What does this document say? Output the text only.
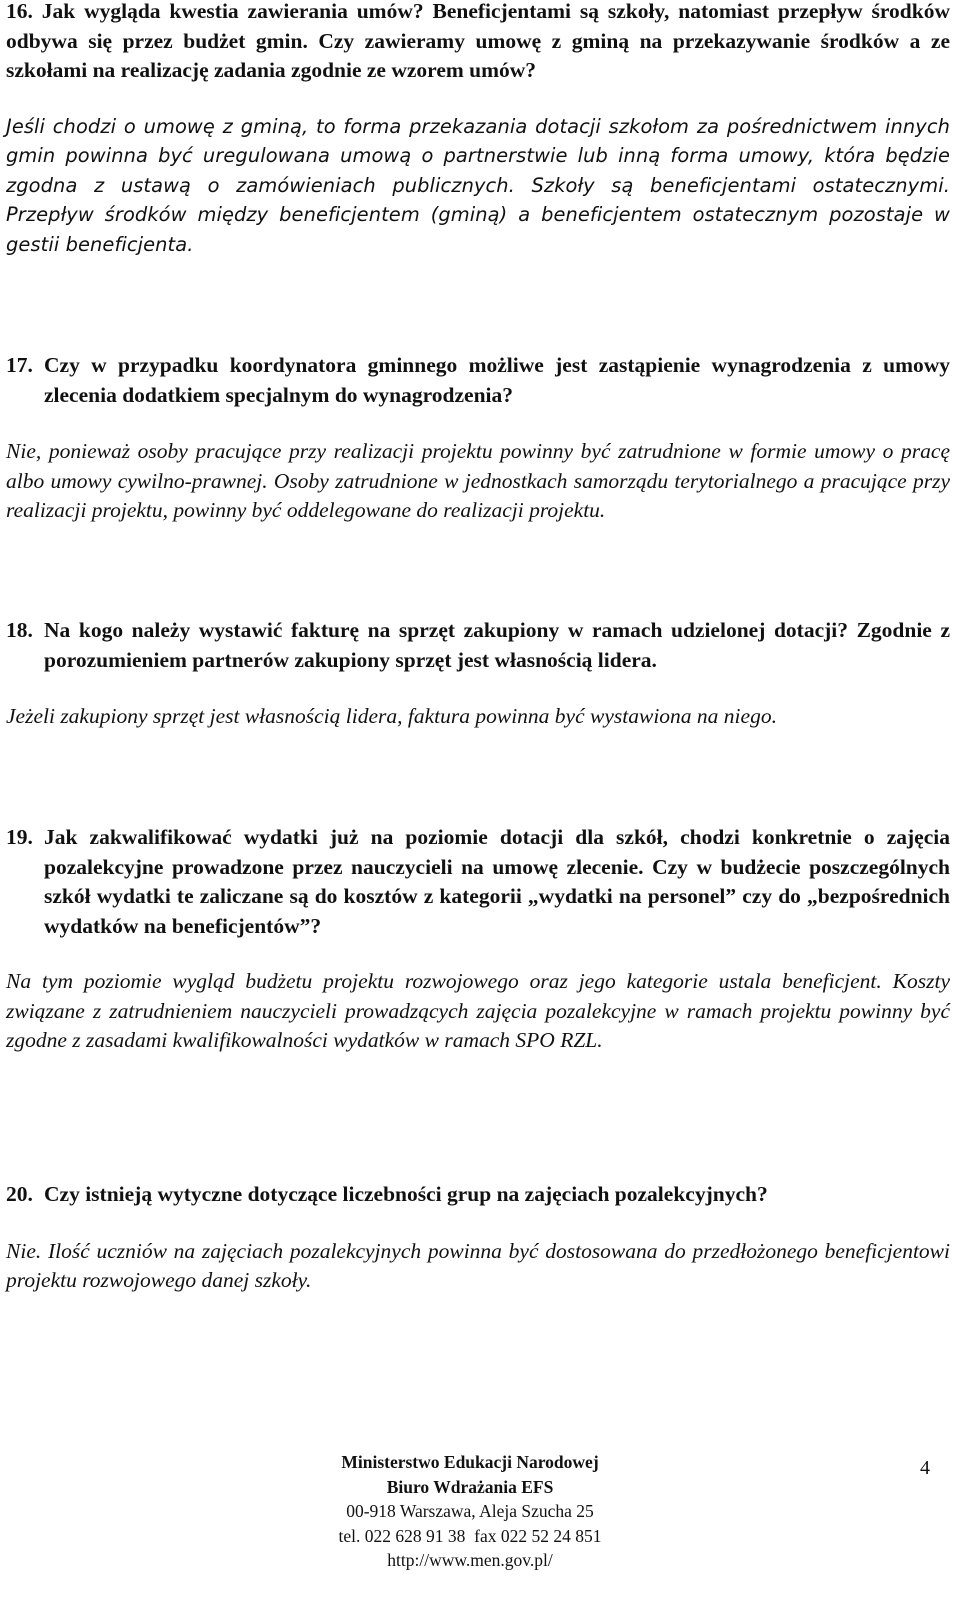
16. Jak wygląda kwestia zawierania umów? Beneficjentami są szkoły, natomiast przepływ środków odbywa się przez budżet gmin. Czy zawieramy umowę z gminą na przekazywanie środków a ze szkołami na realizację zadania zgodnie ze wzorem umów?

Jeśli chodzi o umowę z gminą, to forma przekazania dotacji szkołom za pośrednictwem innych gmin powinna być uregulowana umową o partnerstwie lub inną forma umowy, która będzie zgodna z ustawą o zamówieniach publicznych. Szkoły są beneficjentami ostatecznymi. Przepływ środków między beneficjentem (gminą) a beneficjentem ostatecznym pozostaje w gestii beneficjenta.

17. Czy w przypadku koordynatora gminnego możliwe jest zastąpienie wynagrodzenia z umowy zlecenia dodatkiem specjalnym do wynagrodzenia?

Nie, ponieważ osoby pracujące przy realizacji projektu powinny być zatrudnione w formie umowy o pracę albo umowy cywilno-prawnej. Osoby zatrudnione w jednostkach samorządu terytorialnego a pracujące przy realizacji projektu, powinny być oddelegowane do realizacji projektu.

18. Na kogo należy wystawić fakturę na sprzęt zakupiony w ramach udzielonej dotacji? Zgodnie z porozumieniem partnerów zakupiony sprzęt jest własnością lidera.

Jeżeli zakupiony sprzęt jest własnością lidera, faktura powinna być wystawiona na niego.

19. Jak zakwalifikować wydatki już na poziomie dotacji dla szkół, chodzi konkretnie o zajęcia pozalekcyjne prowadzone przez nauczycieli na umowę zlecenie. Czy w budżecie poszczególnych szkół wydatki te zaliczane są do kosztów z kategorii „wydatki na personel” czy do „bezpośrednich wydatków na beneficjentów”?

Na tym poziomie wygląd budżetu projektu rozwojowego oraz jego kategorie ustala beneficjent. Koszty związane z zatrudnieniem nauczycieli prowadzących zajęcia pozalekcyjne w ramach projektu powinny być zgodne z zasadami kwalifikowalności wydatków w ramach SPO RZL.

20. Czy istnieją wytyczne dotyczące liczebności grup na zajęciach pozalekcyjnych?

Nie. Ilość uczniów na zajęciach pozalekcyjnych powinna być dostosowana do przedłożonego beneficjentowi projektu rozwojowego danej szkoły.

Ministerstwo Edukacji Narodowej
Biuro Wdrażania EFS
00-918 Warszawa, Aleja Szucha 25
tel. 022 628 91 38  fax 022 52 24 851
http://www.men.gov.pl/
4
